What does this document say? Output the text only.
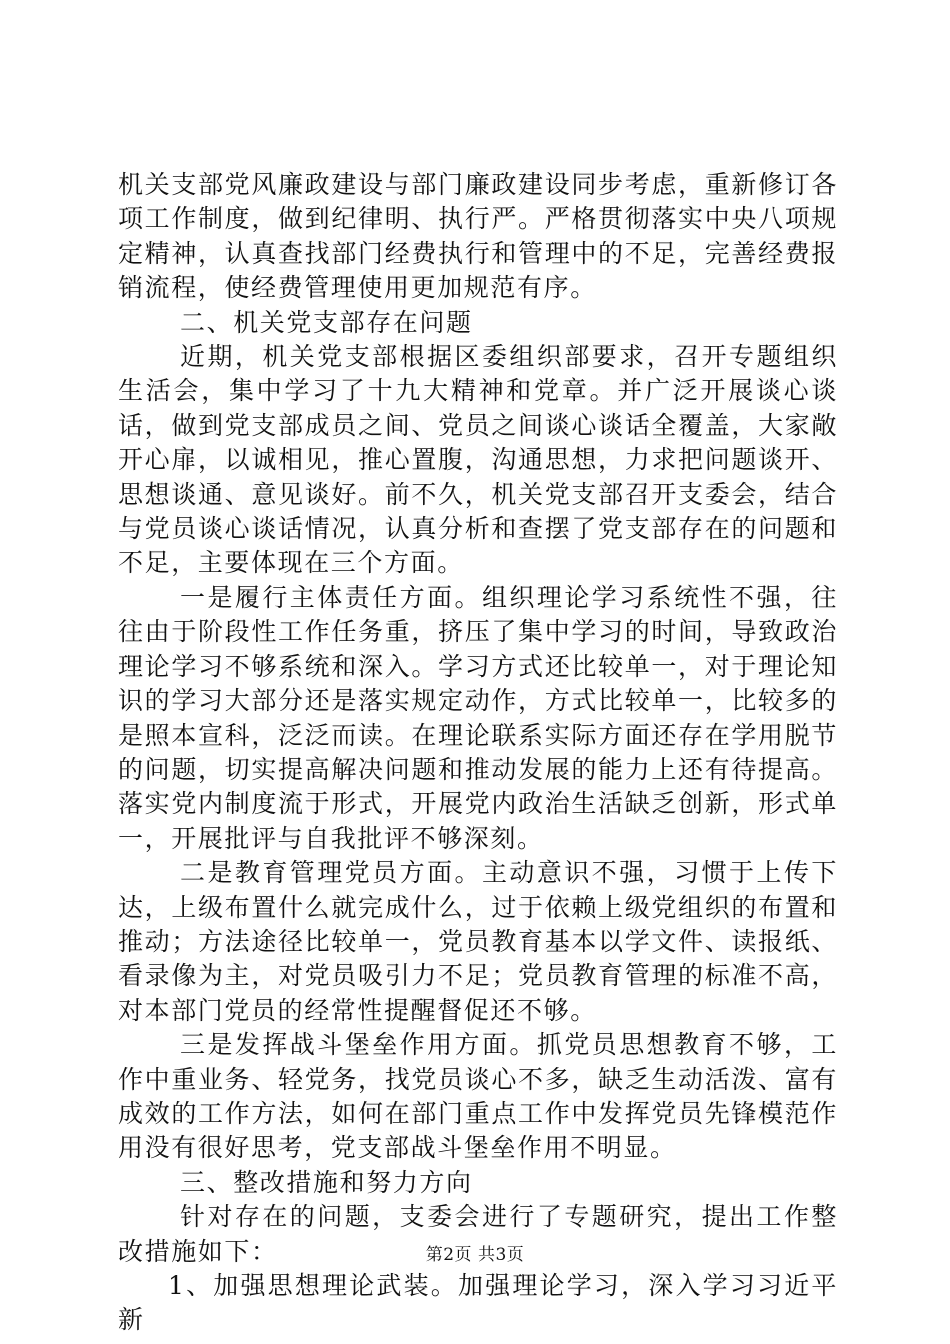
机关支部党风廉政建设与部门廉政建设同步考虑，重新修订各项工作制度，做到纪律明、执行严。严格贯彻落实中央八项规定精神，认真查找部门经费执行和管理中的不足，完善经费报销流程，使经费管理使用更加规范有序。

二、机关党支部存在问题

近期，机关党支部根据区委组织部要求，召开专题组织生活会，集中学习了十九大精神和党章。并广泛开展谈心谈话，做到党支部成员之间、党员之间谈心谈话全覆盖，大家敞开心扉，以诚相见，推心置腹，沟通思想，力求把问题谈开、思想谈通、意见谈好。前不久，机关党支部召开支委会，结合与党员谈心谈话情况，认真分析和查摆了党支部存在的问题和不足，主要体现在三个方面。

一是履行主体责任方面。组织理论学习系统性不强，往往由于阶段性工作任务重，挤压了集中学习的时间，导致政治理论学习不够系统和深入。学习方式还比较单一，对于理论知识的学习大部分还是落实规定动作，方式比较单一，比较多的是照本宣科，泛泛而读。在理论联系实际方面还存在学用脱节的问题，切实提高解决问题和推动发展的能力上还有待提高。落实党内制度流于形式，开展党内政治生活缺乏创新，形式单一，开展批评与自我批评不够深刻。

二是教育管理党员方面。主动意识不强，习惯于上传下达，上级布置什么就完成什么，过于依赖上级党组织的布置和推动；方法途径比较单一，党员教育基本以学文件、读报纸、看录像为主，对党员吸引力不足；党员教育管理的标准不高，对本部门党员的经常性提醒督促还不够。

三是发挥战斗堡垒作用方面。抓党员思想教育不够，工作中重业务、轻党务，找党员谈心不多，缺乏生动活泼、富有成效的工作方法，如何在部门重点工作中发挥党员先锋模范作用没有很好思考，党支部战斗堡垒作用不明显。

三、整改措施和努力方向

针对存在的问题，支委会进行了专题研究，提出工作整改措施如下：

1、加强思想理论武装。加强理论学习，深入学习习近平新

第2页 共3页
